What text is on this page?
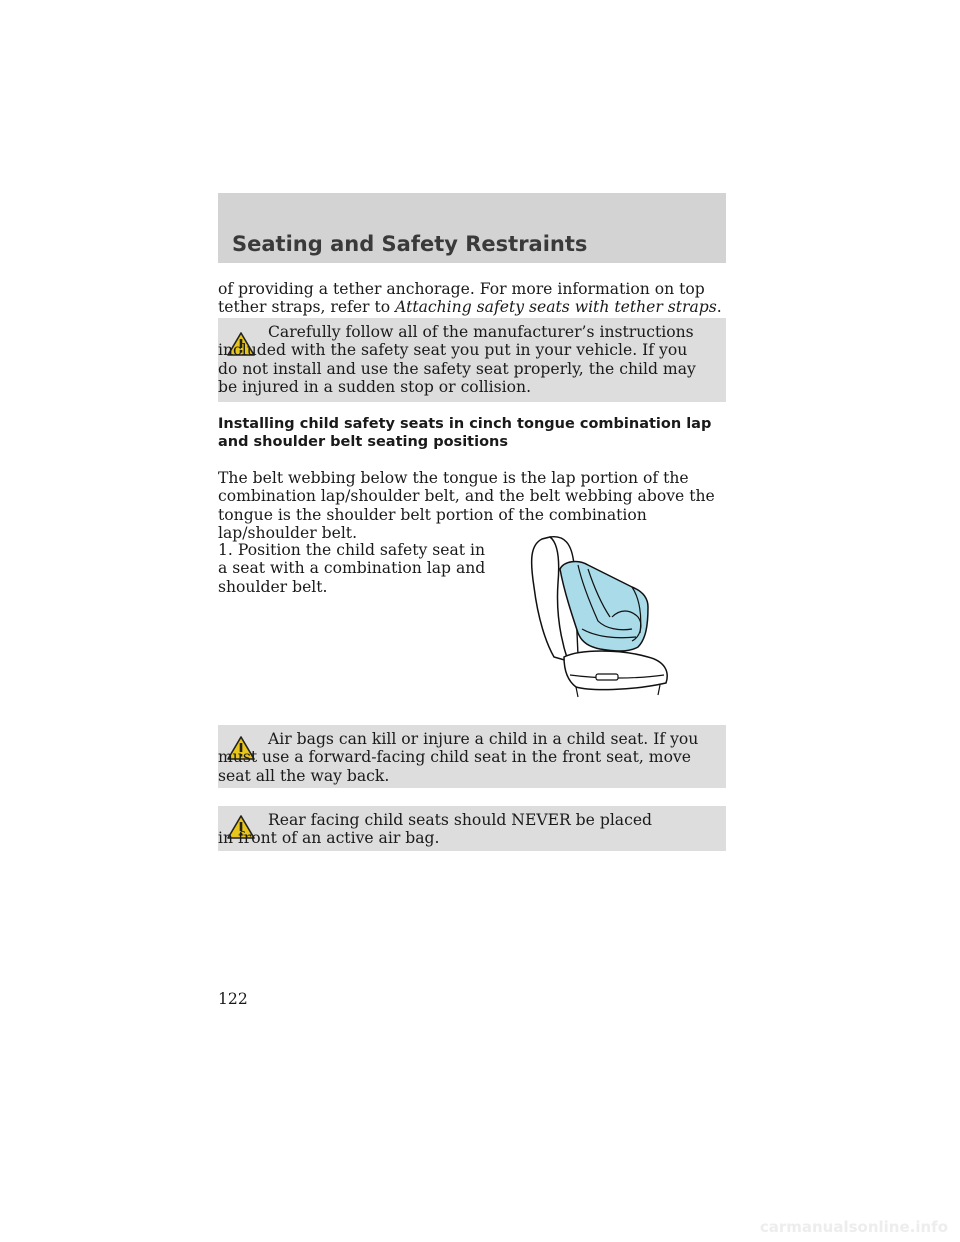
Seating and Safety Restraints

of providing a tether anchorage. For more information on top tether straps, refer to Attaching safety seats with tether straps.

Carefully follow all of the manufacturer’s instructions included with the safety seat you put in your vehicle. If you do not install and use the safety seat properly, the child may be injured in a sudden stop or collision.

Installing child safety seats in cinch tongue combination lap and shoulder belt seating positions

The belt webbing below the tongue is the lap portion of the combination lap/shoulder belt, and the belt webbing above the tongue is the shoulder belt portion of the combination lap/shoulder belt.

1. Position the child safety seat in a seat with a combination lap and shoulder belt.

Air bags can kill or injure a child in a child seat. If you must use a forward-facing child seat in the front seat, move seat all the way back.

Rear facing child seats should NEVER be placed in front of an active air bag.

122

carmanualsonline.info
